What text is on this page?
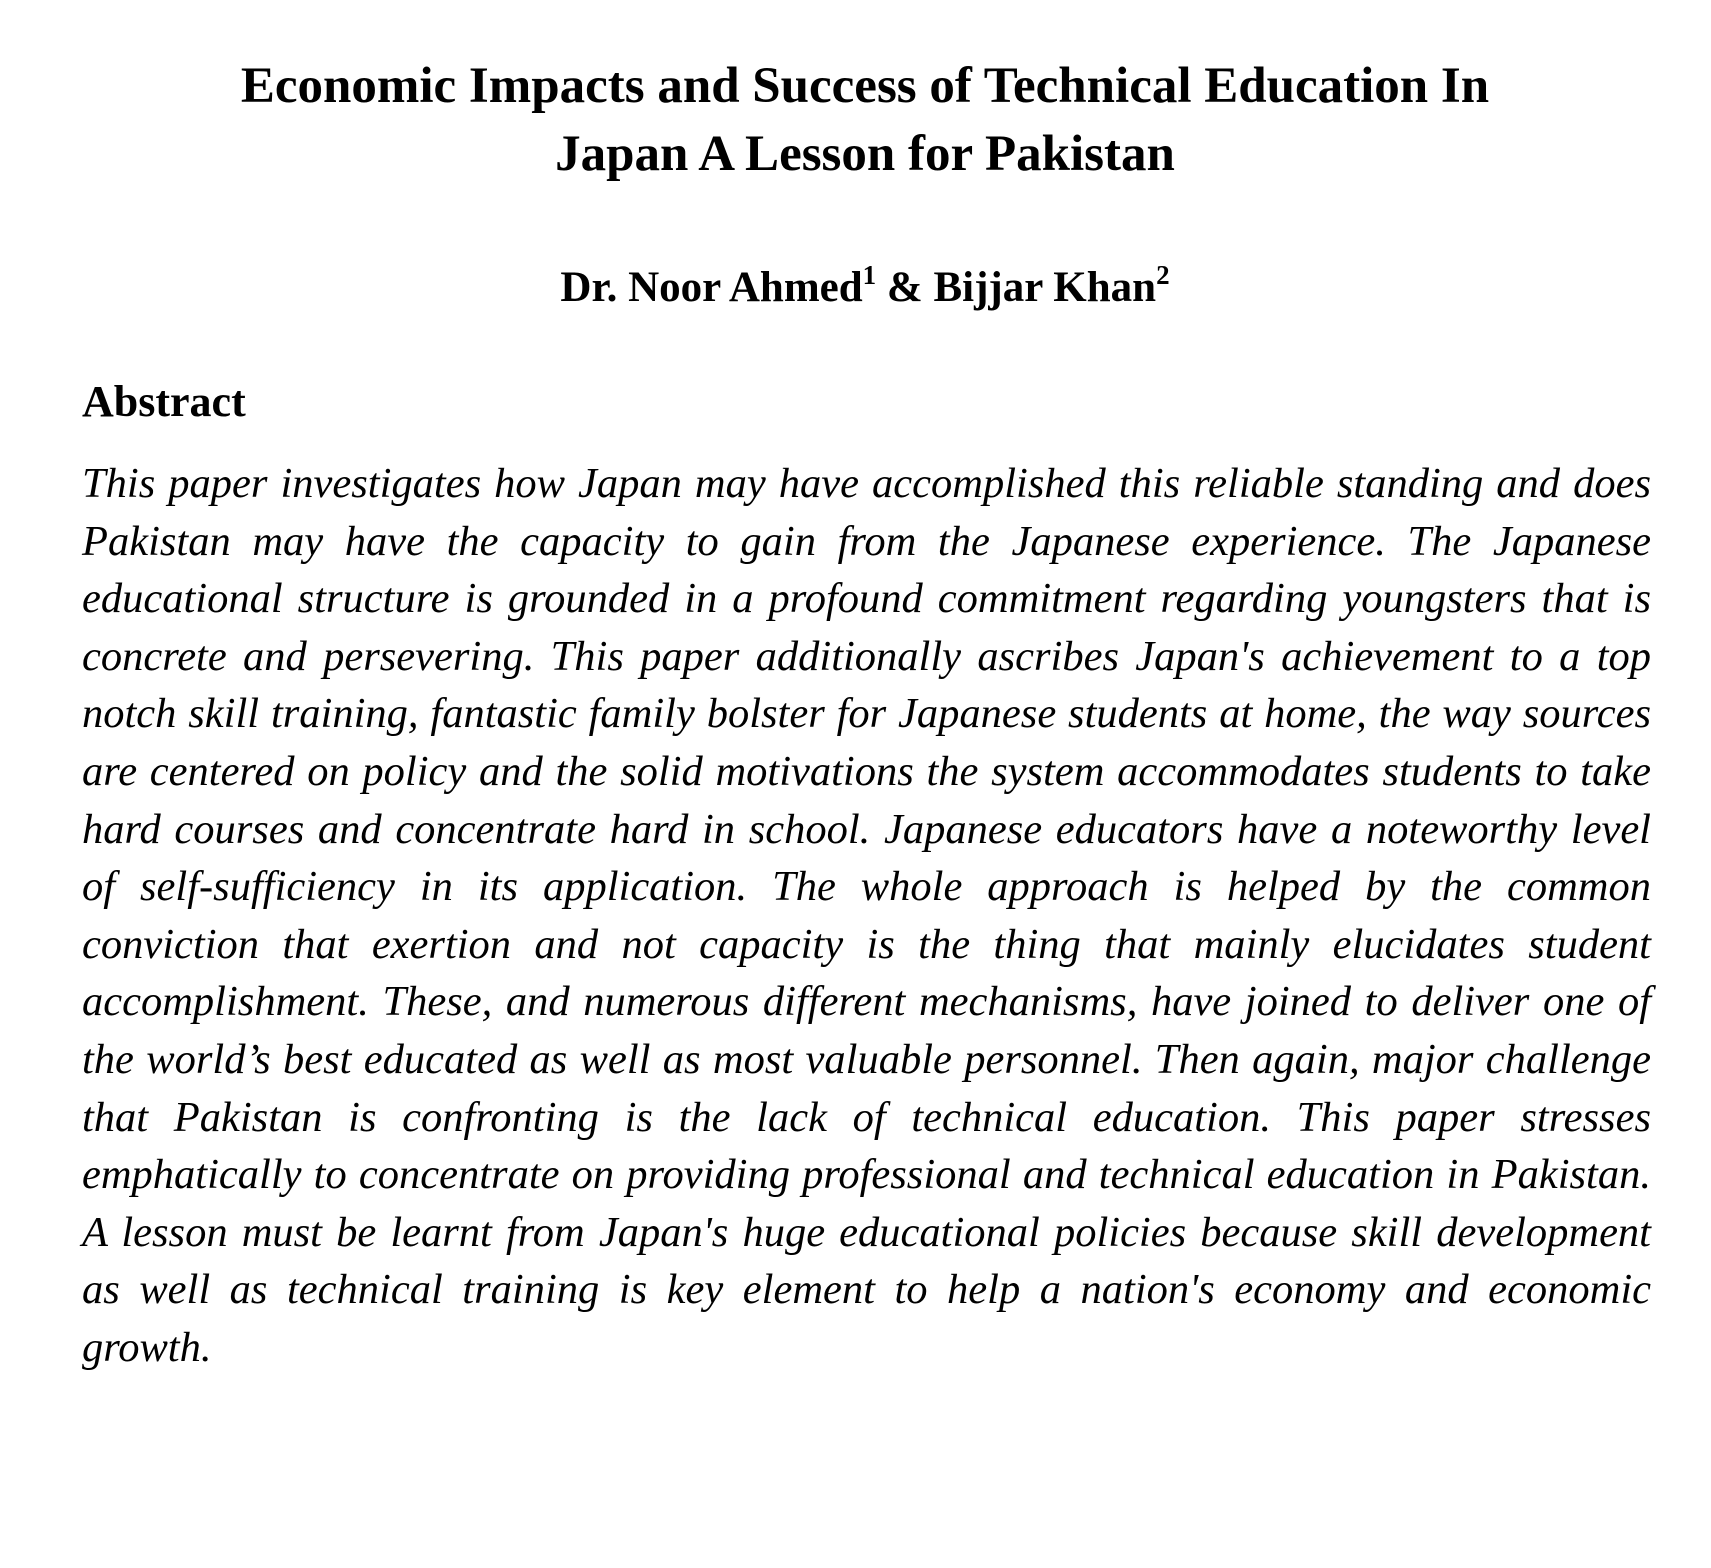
Economic Impacts and Success of Technical Education In
Japan A Lesson for Pakistan

Dr. Noor Ahmed$^1$ & Bijjar Khan$^2$

Abstract

This paper investigates how Japan may have accomplished this reliable standing and does Pakistan may have the capacity to gain from the Japanese experience. The Japanese educational structure is grounded in a profound commitment regarding youngsters that is concrete and persevering. This paper additionally ascribes Japan's achievement to a top notch skill training, fantastic family bolster for Japanese students at home, the way sources are centered on policy and the solid motivations the system accommodates students to take hard courses and concentrate hard in school. Japanese educators have a noteworthy level of self-sufficiency in its application. The whole approach is helped by the common conviction that exertion and not capacity is the thing that mainly elucidates student accomplishment. These, and numerous different mechanisms, have joined to deliver one of the world’s best educated as well as most valuable personnel. Then again, major challenge that Pakistan is confronting is the lack of technical education. This paper stresses emphatically to concentrate on providing professional and technical education in Pakistan. A lesson must be learnt from Japan's huge educational policies because skill development as well as technical training is key element to help a nation's economy and economic growth.
